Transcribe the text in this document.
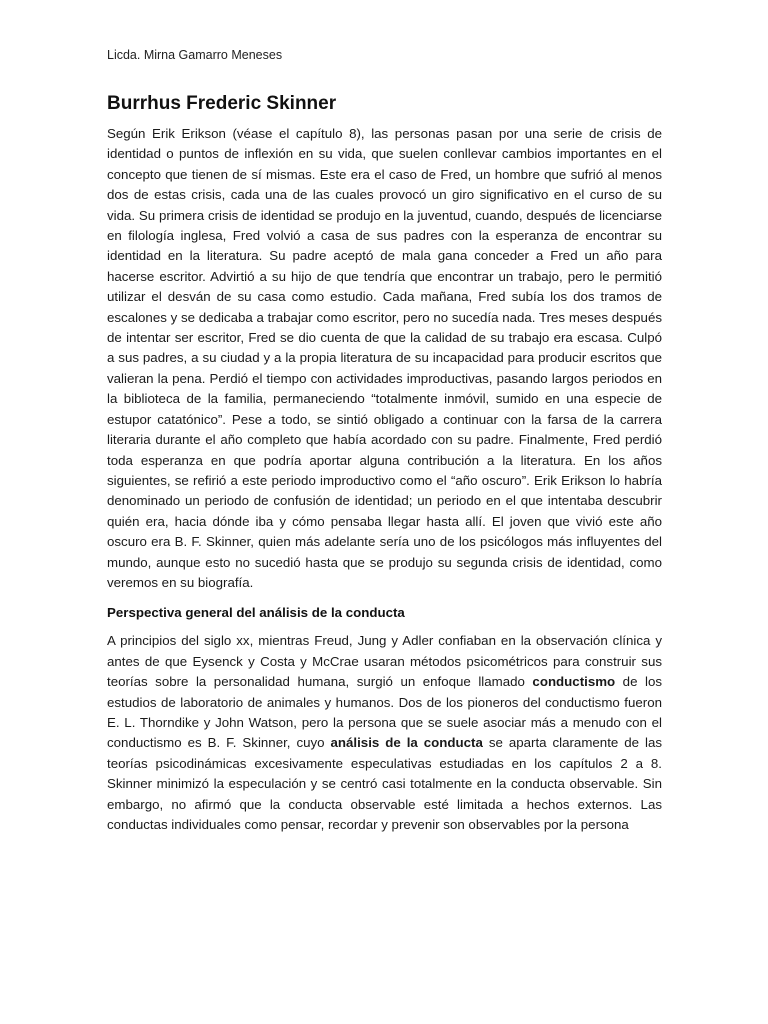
Licda. Mirna Gamarro Meneses
Burrhus Frederic Skinner

Según Erik Erikson (véase el capítulo 8), las personas pasan por una serie de crisis de identidad o puntos de inflexión en su vida, que suelen conllevar cambios importantes en el concepto que tienen de sí mismas. Este era el caso de Fred, un hombre que sufrió al menos dos de estas crisis, cada una de las cuales provocó un giro significativo en el curso de su vida. Su primera crisis de identidad se produjo en la juventud, cuando, después de licenciarse en filología inglesa, Fred volvió a casa de sus padres con la esperanza de encontrar su identidad en la literatura. Su padre aceptó de mala gana conceder a Fred un año para hacerse escritor. Advirtió a su hijo de que tendría que encontrar un trabajo, pero le permitió utilizar el desván de su casa como estudio. Cada mañana, Fred subía los dos tramos de escalones y se dedicaba a trabajar como escritor, pero no sucedía nada. Tres meses después de intentar ser escritor, Fred se dio cuenta de que la calidad de su trabajo era escasa. Culpó a sus padres, a su ciudad y a la propia literatura de su incapacidad para producir escritos que valieran la pena. Perdió el tiempo con actividades improductivas, pasando largos periodos en la biblioteca de la familia, permaneciendo “totalmente inmóvil, sumido en una especie de estupor catatónico”. Pese a todo, se sintió obligado a continuar con la farsa de la carrera literaria durante el año completo que había acordado con su padre. Finalmente, Fred perdió toda esperanza en que podría aportar alguna contribución a la literatura. En los años siguientes, se refirió a este periodo improductivo como el “año oscuro”. Erik Erikson lo habría denominado un periodo de confusión de identidad; un periodo en el que intentaba descubrir quién era, hacia dónde iba y cómo pensaba llegar hasta allí. El joven que vivió este año oscuro era B. F. Skinner, quien más adelante sería uno de los psicólogos más influyentes del mundo, aunque esto no sucedió hasta que se produjo su segunda crisis de identidad, como veremos en su biografía.

Perspectiva general del análisis de la conducta

A principios del siglo xx, mientras Freud, Jung y Adler confiaban en la observación clínica y antes de que Eysenck y Costa y McCrae usaran métodos psicométricos para construir sus teorías sobre la personalidad humana, surgió un enfoque llamado conductismo de los estudios de laboratorio de animales y humanos. Dos de los pioneros del conductismo fueron E. L. Thorndike y John Watson, pero la persona que se suele asociar más a menudo con el conductismo es B. F. Skinner, cuyo análisis de la conducta se aparta claramente de las teorías psicodinámicas excesivamente especulativas estudiadas en los capítulos 2 a 8. Skinner minimizó la especulación y se centró casi totalmente en la conducta observable. Sin embargo, no afirmó que la conducta observable esté limitada a hechos externos. Las conductas individuales como pensar, recordar y prevenir son observables por la persona
